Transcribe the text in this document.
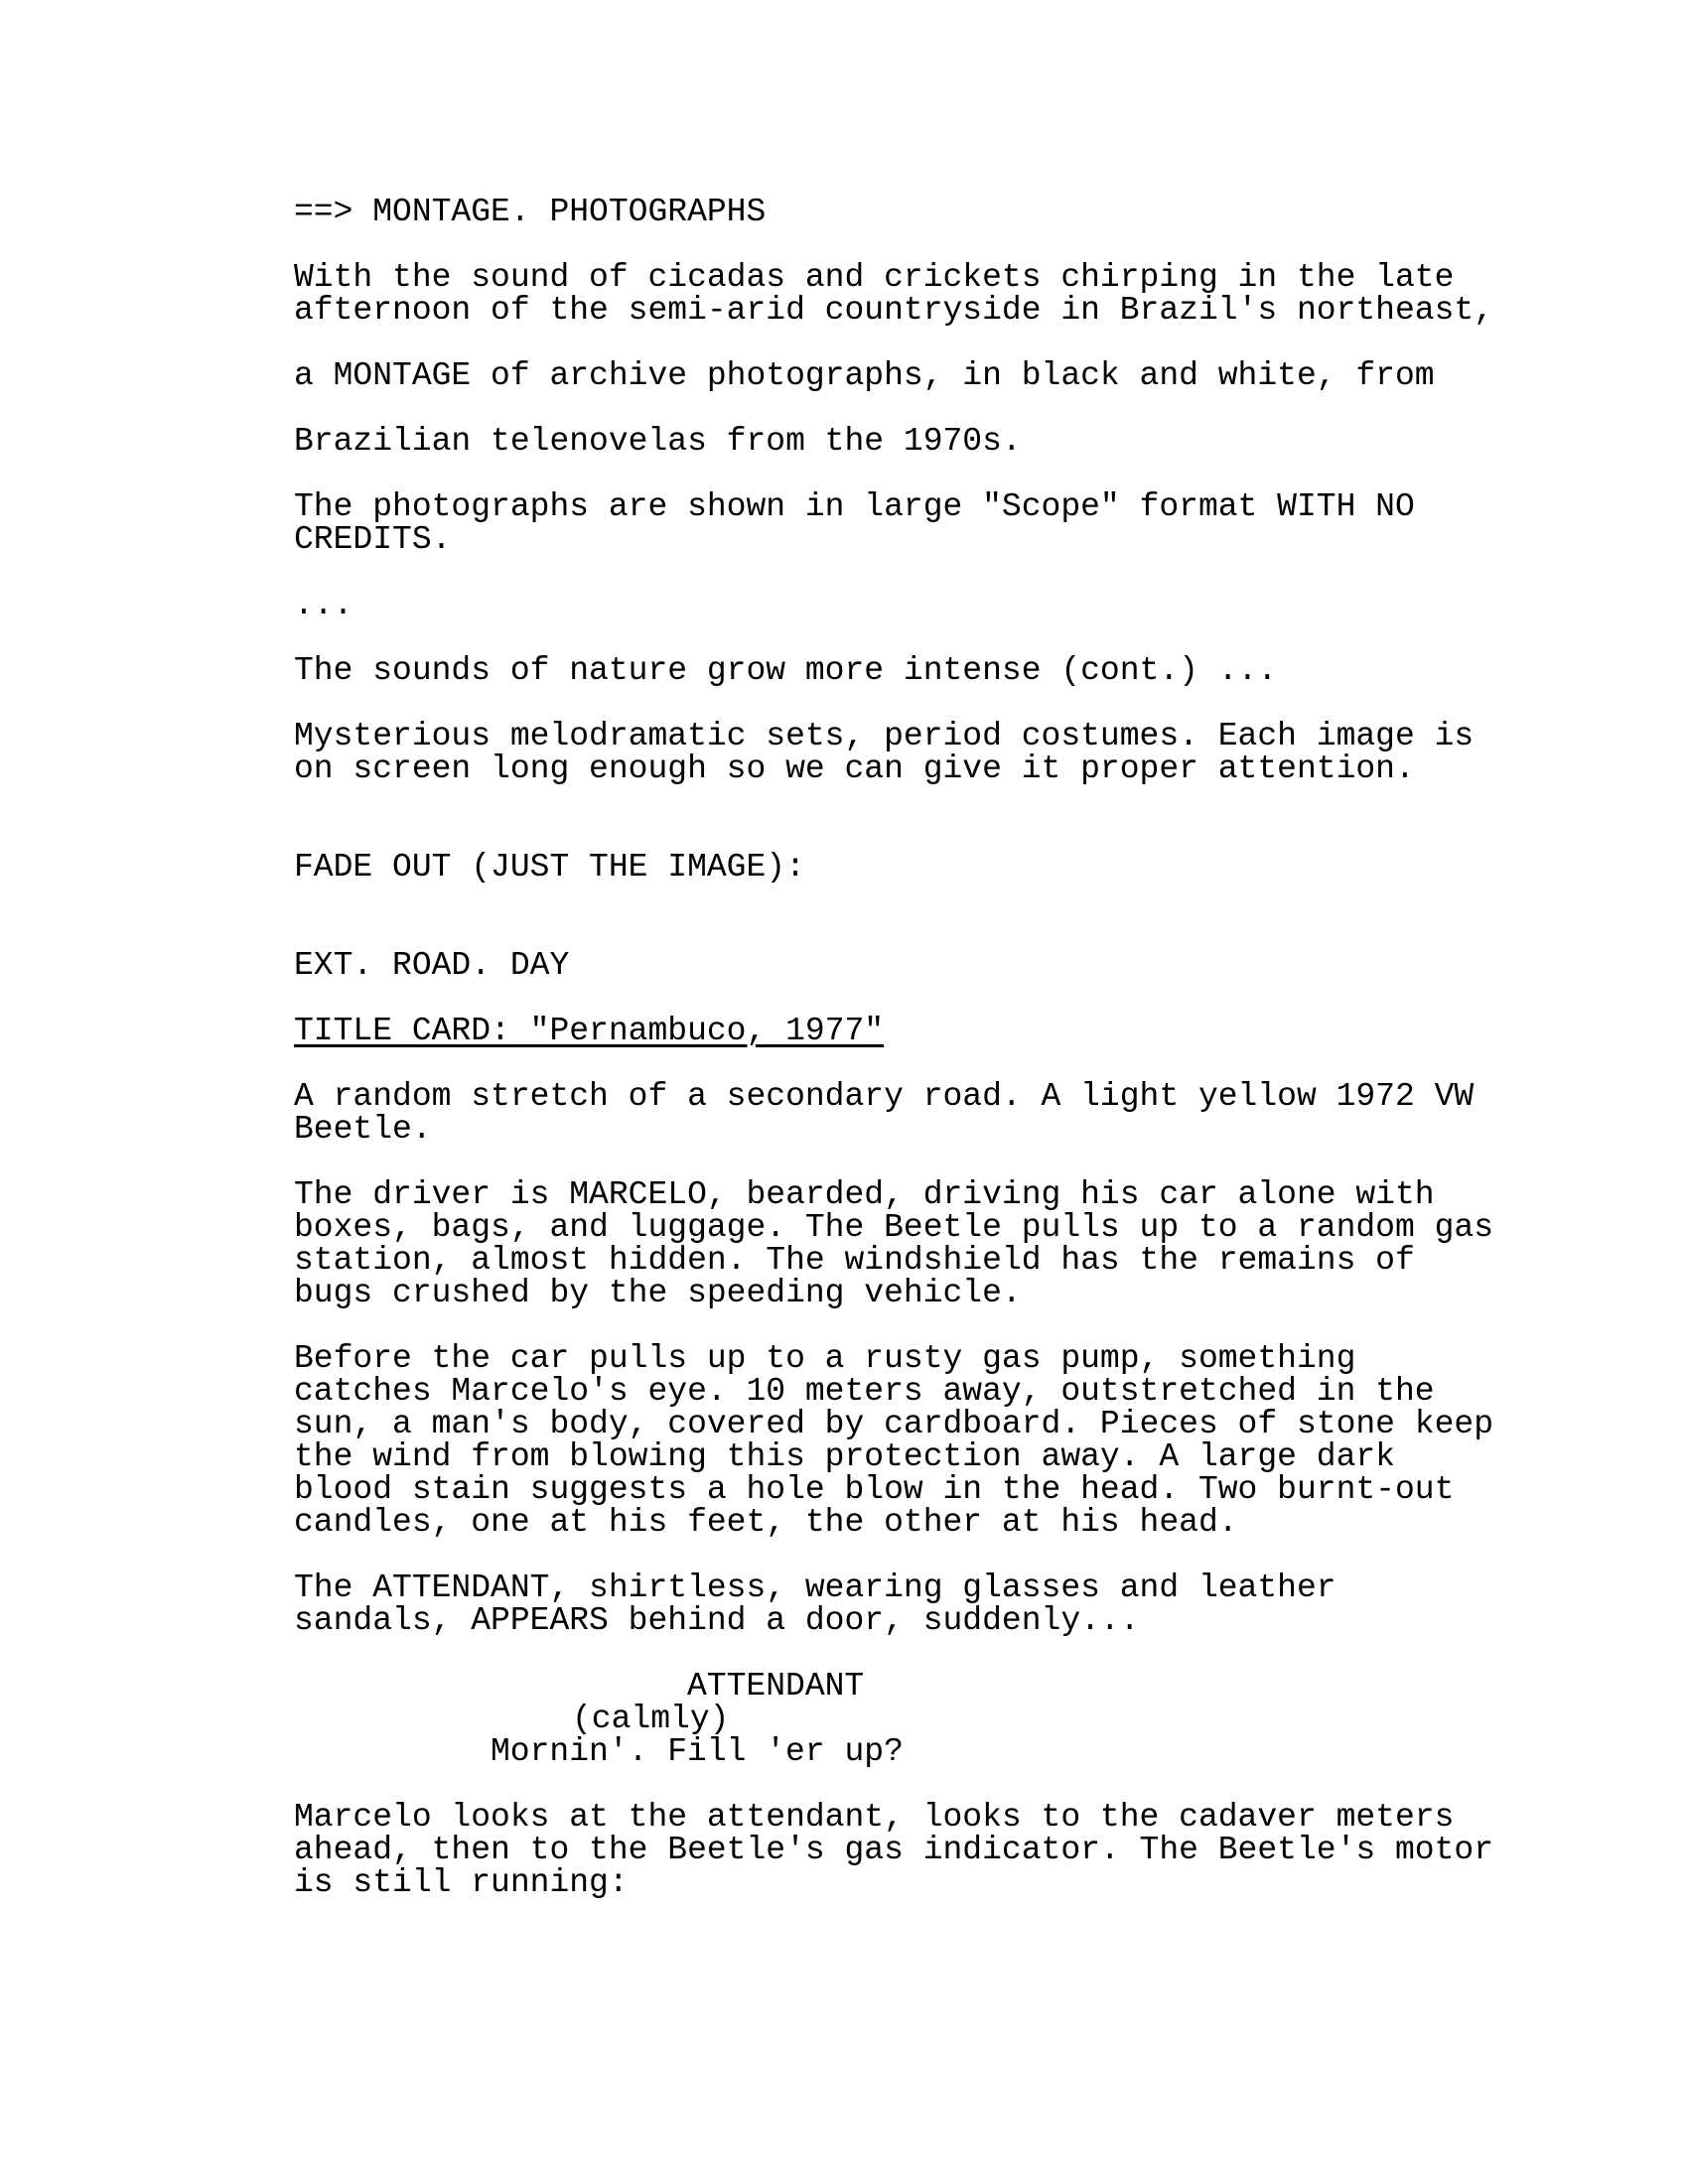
==> MONTAGE. PHOTOGRAPHS

With the sound of cicadas and crickets chirping in the late

afternoon of the semi-arid countryside in Brazil's northeast,

a MONTAGE of archive photographs, in black and white, from

Brazilian telenovelas from the 1970s.

The photographs are shown in large "Scope" format WITH NO

CREDITS.

...

The sounds of nature grow more intense (cont.) ...

Mysterious melodramatic sets, period costumes. Each image is

on screen long enough so we can give it proper attention.

FADE OUT (JUST THE IMAGE):

EXT. ROAD. DAY

TITLE CARD: "Pernambuco, 1977"

A random stretch of a secondary road. A light yellow 1972 VW

Beetle.

The driver is MARCELO, bearded, driving his car alone with

boxes, bags, and luggage. The Beetle pulls up to a random gas

station, almost hidden. The windshield has the remains of

bugs crushed by the speeding vehicle.

Before the car pulls up to a rusty gas pump, something

catches Marcelo's eye. 10 meters away, outstretched in the

sun, a man's body, covered by cardboard. Pieces of stone keep

the wind from blowing this protection away. A large dark

blood stain suggests a hole blow in the head. Two burnt-out

candles, one at his feet, the other at his head.

The ATTENDANT, shirtless, wearing glasses and leather

sandals, APPEARS behind a door, suddenly...

ATTENDANT

(calmly)

Mornin'. Fill 'er up?

Marcelo looks at the attendant, looks to the cadaver meters

ahead, then to the Beetle's gas indicator. The Beetle's motor

is still running:
